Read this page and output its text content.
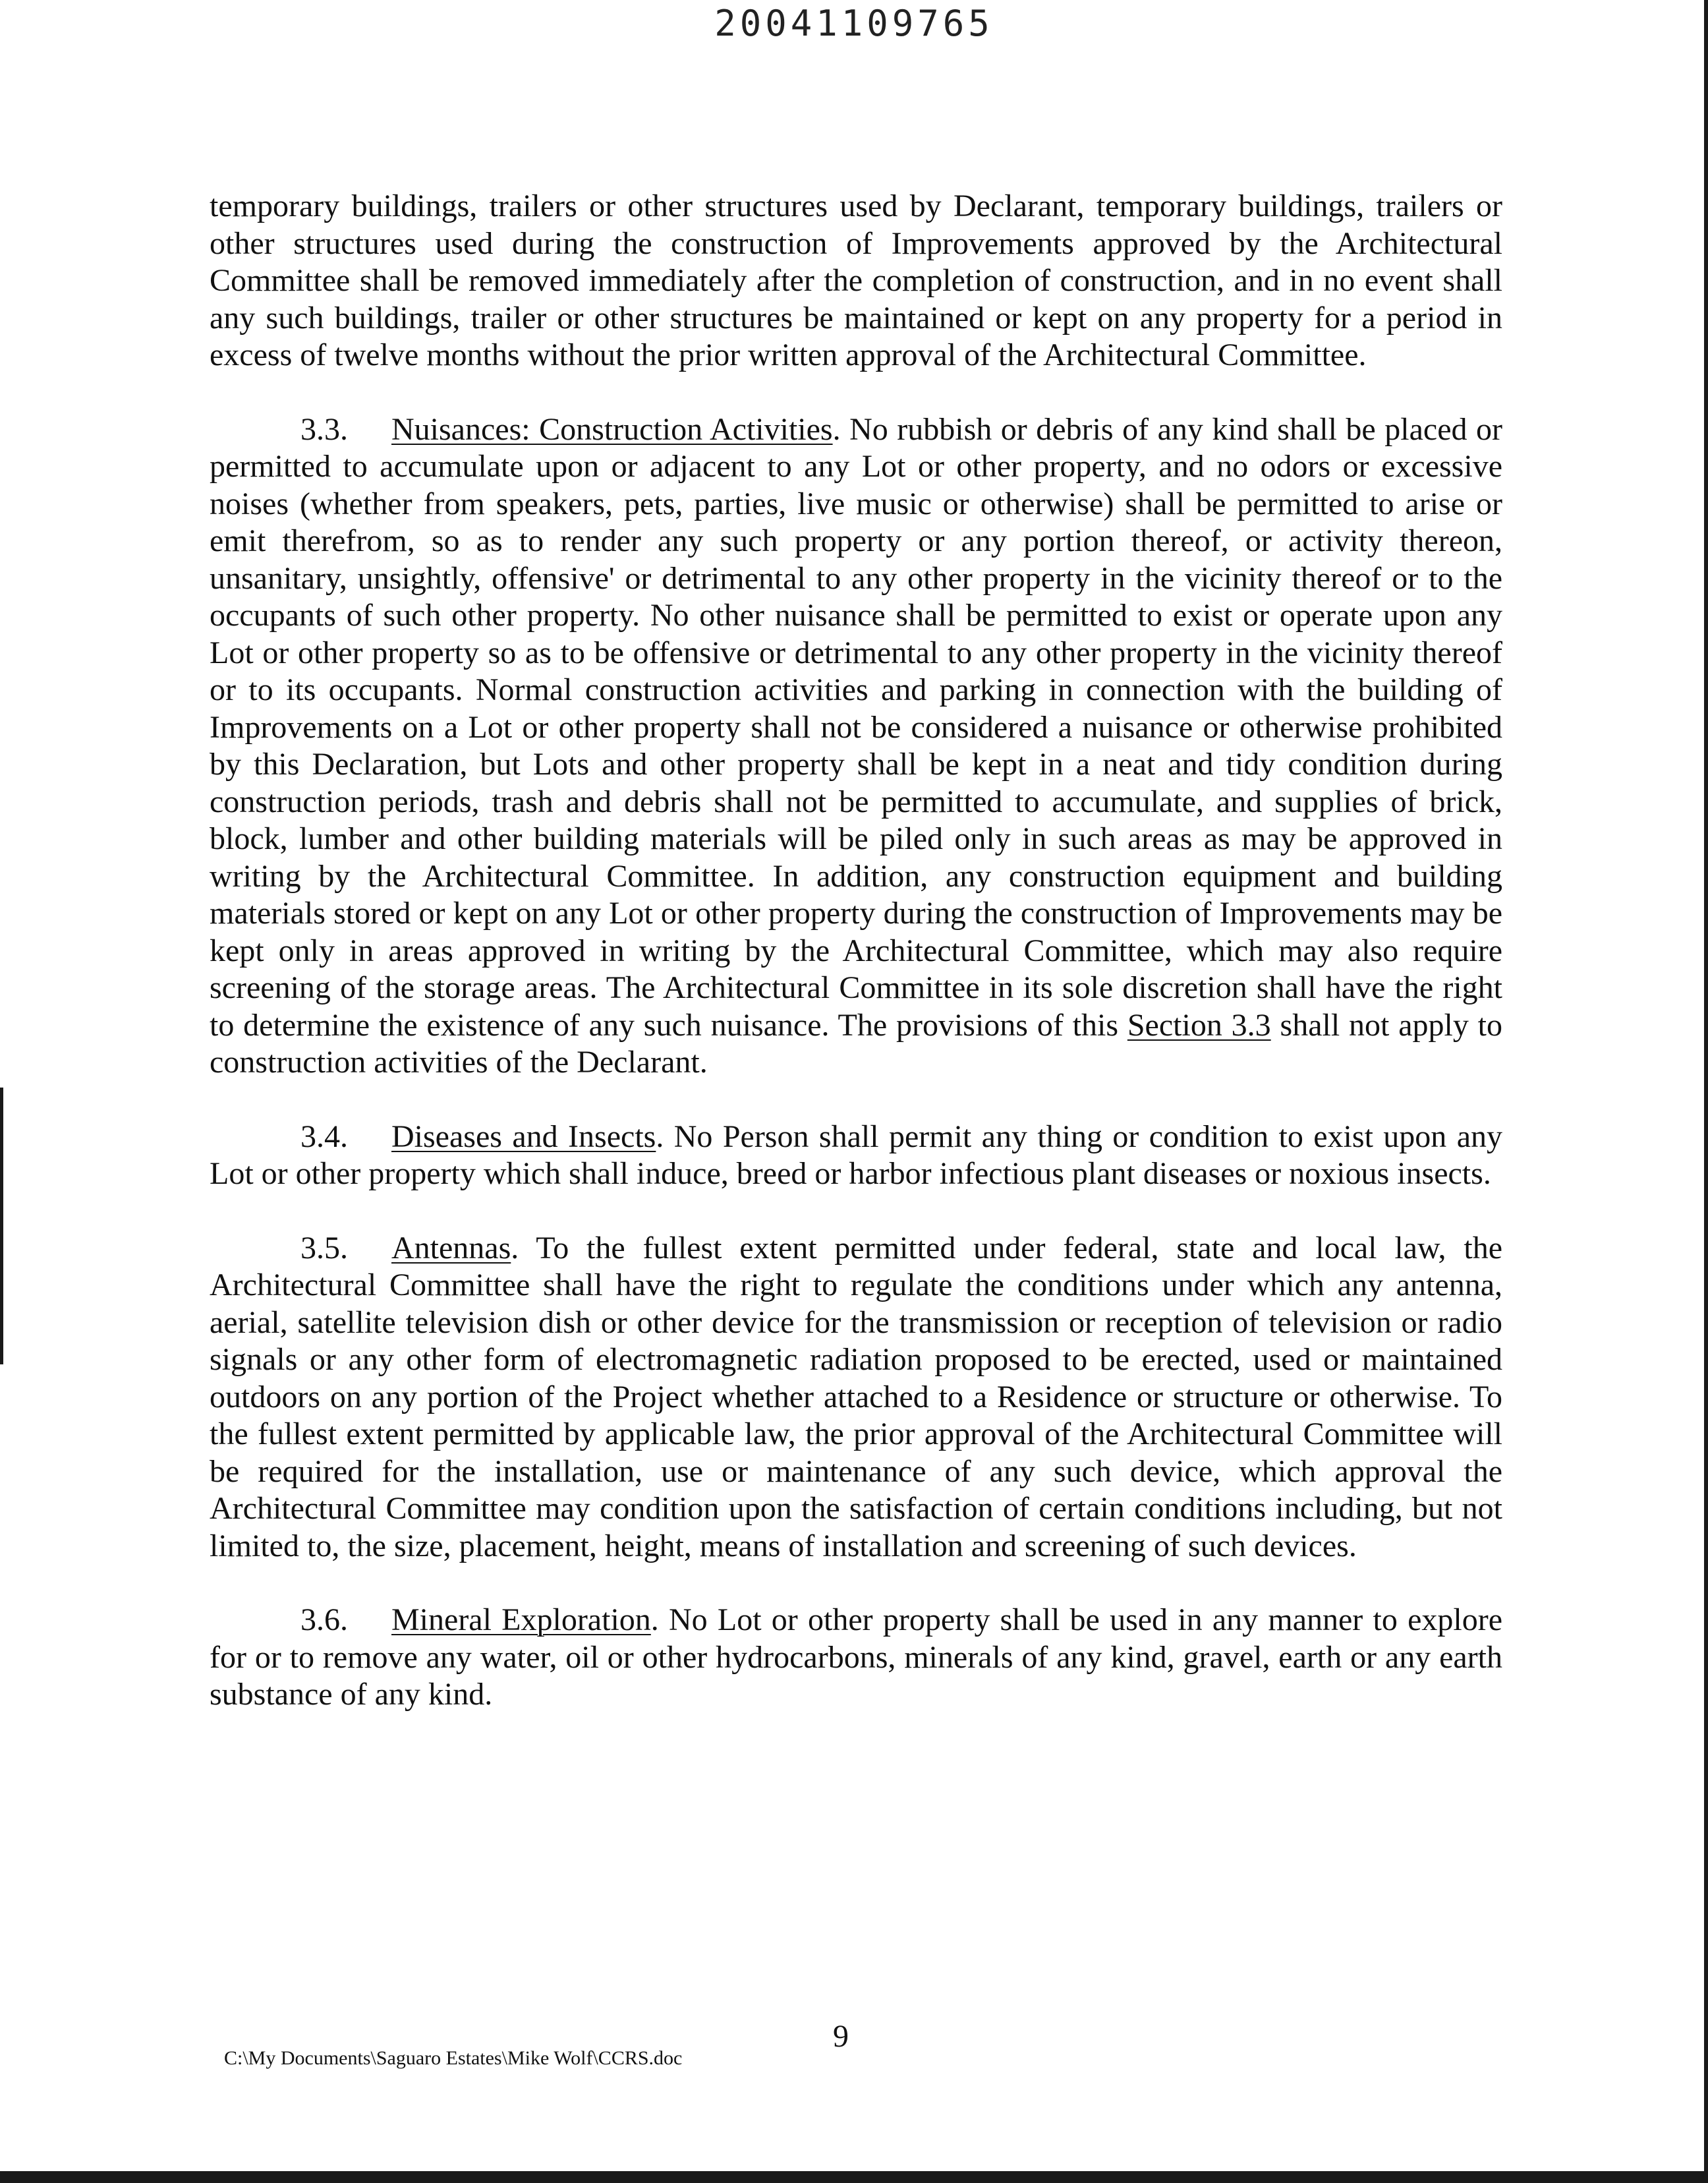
20041109765

temporary buildings, trailers or other structures used by Declarant, temporary buildings, trailers or other structures used during the construction of Improvements approved by the Architectural Committee shall be removed immediately after the completion of construction, and in no event shall any such buildings, trailer or other structures be maintained or kept on any property for a period in excess of twelve months without the prior written approval of the Architectural Committee.

3.3. Nuisances: Construction Activities. No rubbish or debris of any kind shall be placed or permitted to accumulate upon or adjacent to any Lot or other property, and no odors or excessive noises (whether from speakers, pets, parties, live music or otherwise) shall be permitted to arise or emit therefrom, so as to render any such property or any portion thereof, or activity thereon, unsanitary, unsightly, offensive' or detrimental to any other property in the vicinity thereof or to the occupants of such other property. No other nuisance shall be permitted to exist or operate upon any Lot or other property so as to be offensive or detrimental to any other property in the vicinity thereof or to its occupants. Normal construction activities and parking in connection with the building of Improvements on a Lot or other property shall not be considered a nuisance or otherwise prohibited by this Declaration, but Lots and other property shall be kept in a neat and tidy condition during construction periods, trash and debris shall not be permitted to accumulate, and supplies of brick, block, lumber and other building materials will be piled only in such areas as may be approved in writing by the Architectural Committee. In addition, any construction equipment and building materials stored or kept on any Lot or other property during the construction of Improvements may be kept only in areas approved in writing by the Architectural Committee, which may also require screening of the storage areas. The Architectural Committee in its sole discretion shall have the right to determine the existence of any such nuisance. The provisions of this Section 3.3 shall not apply to construction activities of the Declarant.

3.4. Diseases and Insects. No Person shall permit any thing or condition to exist upon any Lot or other property which shall induce, breed or harbor infectious plant diseases or noxious insects.

3.5. Antennas. To the fullest extent permitted under federal, state and local law, the Architectural Committee shall have the right to regulate the conditions under which any antenna, aerial, satellite television dish or other device for the transmission or reception of television or radio signals or any other form of electromagnetic radiation proposed to be erected, used or maintained outdoors on any portion of the Project whether attached to a Residence or structure or otherwise. To the fullest extent permitted by applicable law, the prior approval of the Architectural Committee will be required for the installation, use or maintenance of any such device, which approval the Architectural Committee may condition upon the satisfaction of certain conditions including, but not limited to, the size, placement, height, means of installation and screening of such devices.

3.6. Mineral Exploration. No Lot or other property shall be used in any manner to explore for or to remove any water, oil or other hydrocarbons, minerals of any kind, gravel, earth or any earth substance of any kind.

9
C:\My Documents\Saguaro Estates\Mike Wolf\CCRS.doc
